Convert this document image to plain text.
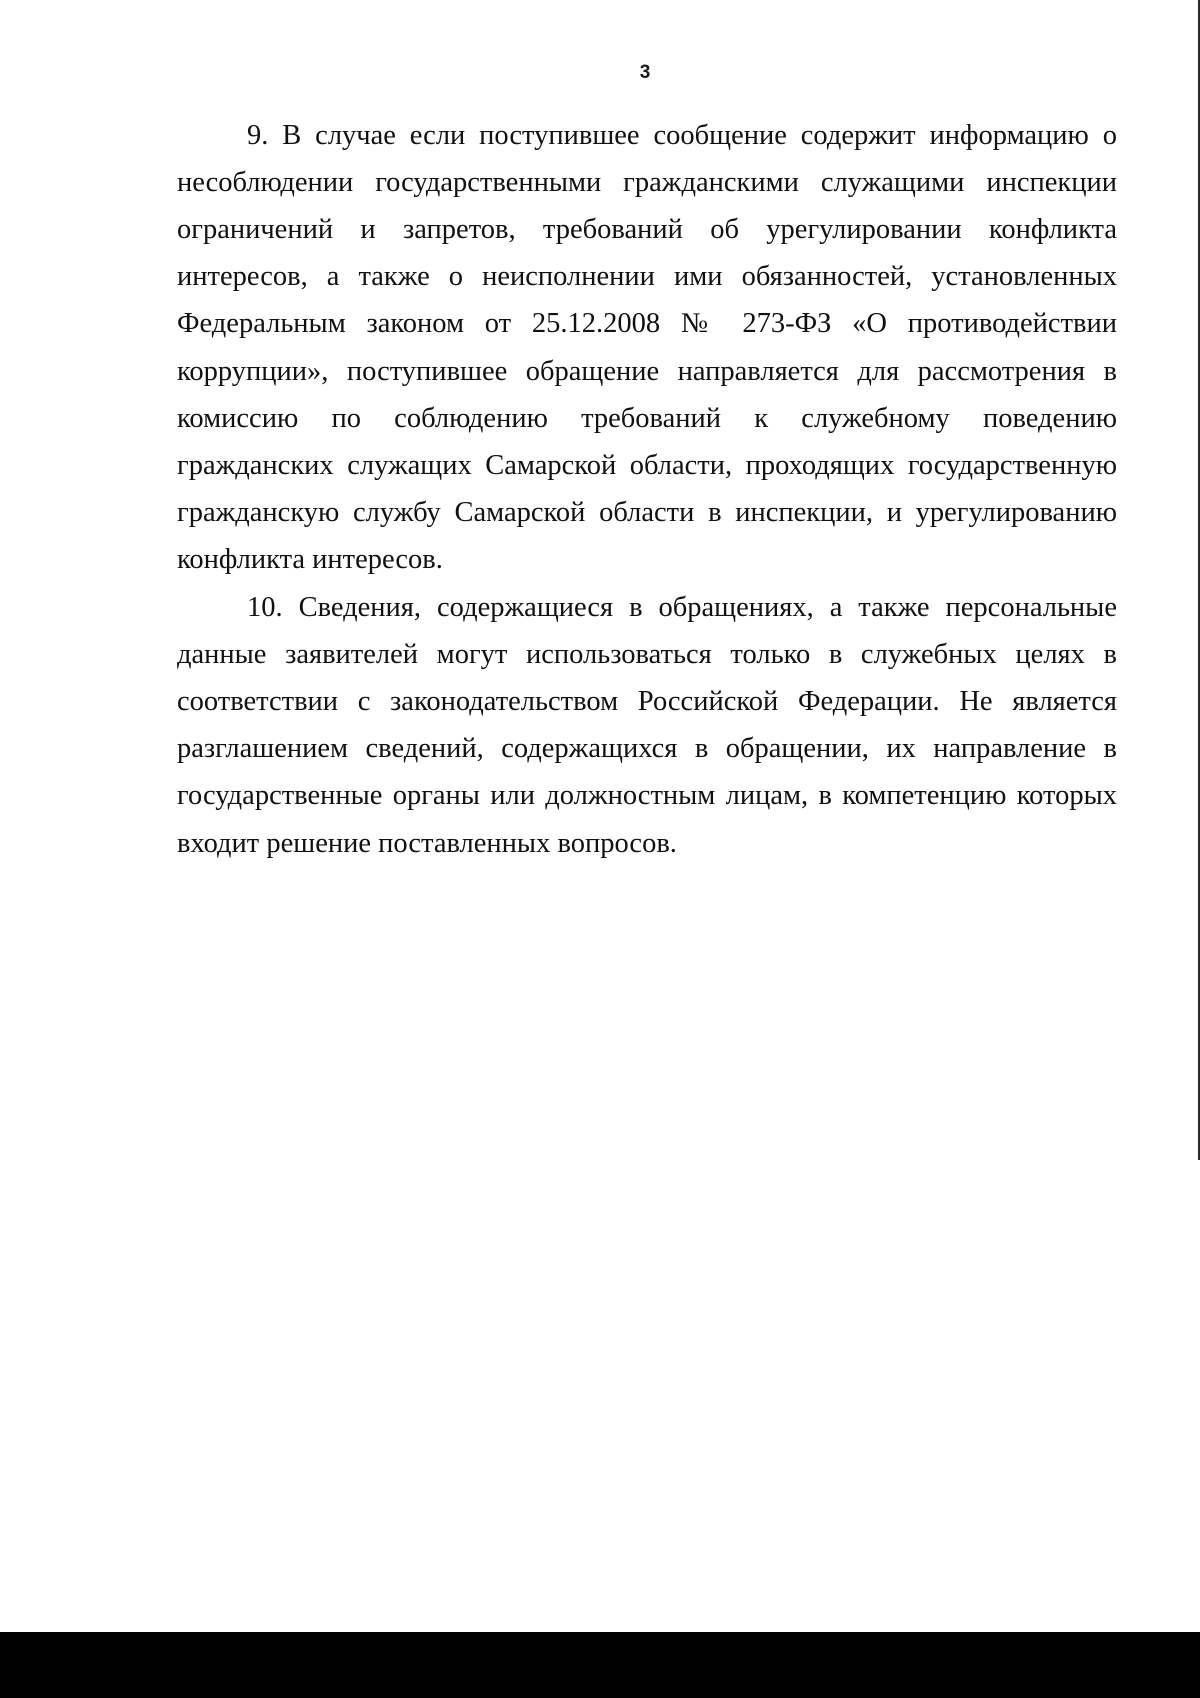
3

9. В случае если поступившее сообщение содержит информацию о несоблюдении государственными гражданскими служащими инспекции ограничений и запретов, требований об урегулировании конфликта интересов, а также о неисполнении ими обязанностей, установленных Федеральным законом от 25.12.2008 № 273-ФЗ «О противодействии коррупции», поступившее обращение направляется для рассмотрения в комиссию по соблюдению требований к служебному поведению гражданских служащих Самарской области, проходящих государственную гражданскую службу Самарской области в инспекции, и урегулированию конфликта интересов.

10. Сведения, содержащиеся в обращениях, а также персональные данные заявителей могут использоваться только в служебных целях в соответствии с законодательством Российской Федерации. Не является разглашением сведений, содержащихся в обращении, их направление в государственные органы или должностным лицам, в компетенцию которых входит решение поставленных вопросов.
